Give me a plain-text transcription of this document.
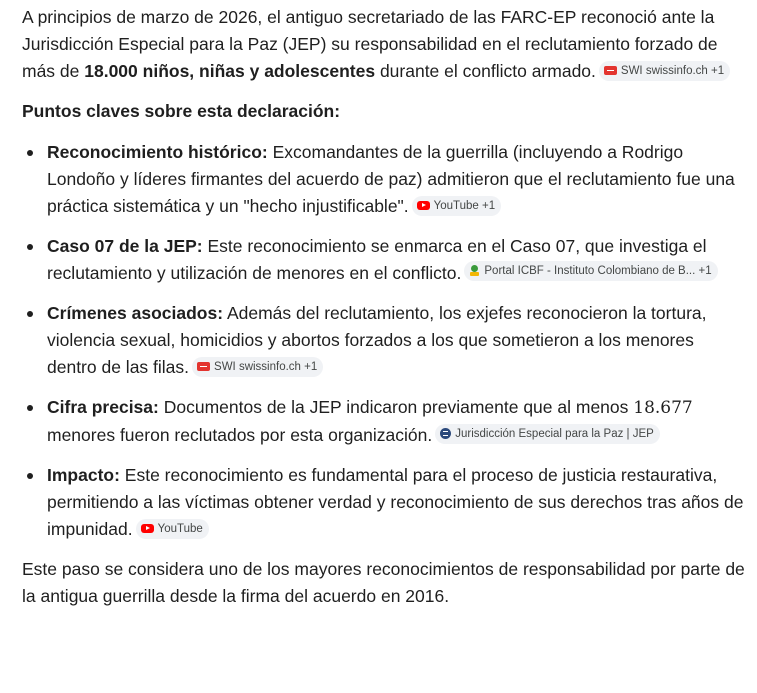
A principios de marzo de 2026, el antiguo secretariado de las FARC-EP reconoció ante la Jurisdicción Especial para la Paz (JEP) su responsabilidad en el reclutamiento forzado de más de 18.000 niños, niñas y adolescentes durante el conflicto armado. SWI swissinfo.ch +1

Puntos claves sobre esta declaración:

Reconocimiento histórico: Excomandantes de la guerrilla (incluyendo a Rodrigo Londoño y líderes firmantes del acuerdo de paz) admitieron que el reclutamiento fue una práctica sistemática y un "hecho injustificable". YouTube +1
Caso 07 de la JEP: Este reconocimiento se enmarca en el Caso 07, que investiga el reclutamiento y utilización de menores en el conflicto. Portal ICBF - Instituto Colombiano de B... +1
Crímenes asociados: Además del reclutamiento, los exjefes reconocieron la tortura, violencia sexual, homicidios y abortos forzados a los que sometieron a los menores dentro de las filas. SWI swissinfo.ch +1
Cifra precisa: Documentos de la JEP indicaron previamente que al menos 18.677 menores fueron reclutados por esta organización. Jurisdicción Especial para la Paz | JEP
Impacto: Este reconocimiento es fundamental para el proceso de justicia restaurativa, permitiendo a las víctimas obtener verdad y reconocimiento de sus derechos tras años de impunidad. YouTube

Este paso se considera uno de los mayores reconocimientos de responsabilidad por parte de la antigua guerrilla desde la firma del acuerdo en 2016.
